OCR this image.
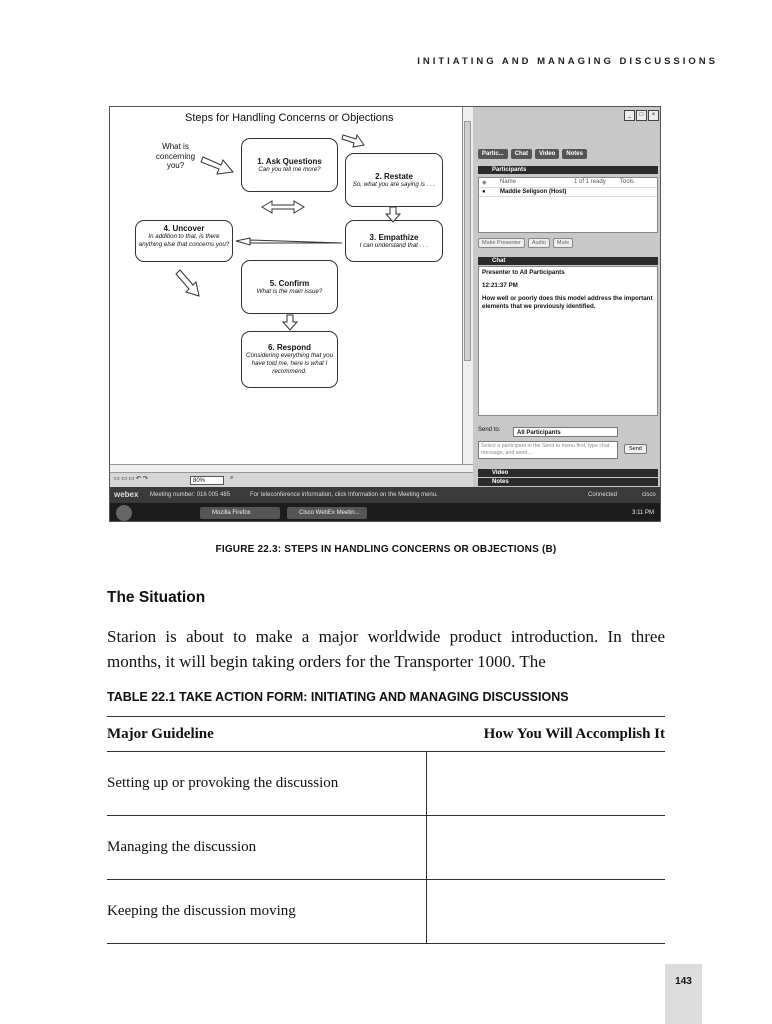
INITIATING AND MANAGING DISCUSSIONS
Steps for Handling Concerns or Objections
What is concerning you?	1. Ask Questions
Can you tell me more?
2. Restate
So, what you are saying is . . .
3. Empathize
I can understand that . . .
4. Uncover
In addition to that, is there anything else that concerns you?
5. Confirm
What is the main issue?
6. Respond
Considering everything that you have told me, here is what I recommend.
_	□	×
Partic...	Chat	Video	Notes
Participants
◈	Name	1 of 1 ready	Tools
●	Maddie Seligson (Host)
Make Presenter	Audio	Mute
Chat

Presenter to All Participants

12:21:37 PM

How well or poorly does this model address the important elements that we previously identified.

Send to:	All Participants
Select a participant in the Send to menu first, type chat message, and send....
Send
Video
Notes
▭ ▭ ▭ ↶ ↷	80%	⌕
webex Meeting number: 016 005 485	For teleconference information, click Information on the Meeting menu.	Connected	cisco
Mozilla Firefox	Cisco WebEx Meetin...	3:11 PM
FIGURE 22.3: STEPS IN HANDLING CONCERNS OR OBJECTIONS (B)
The Situation
Starion is about to make a major worldwide product introduction. In three months, it will begin taking orders for the Transporter 1000. The
TABLE 22.1 TAKE ACTION FORM: INITIATING AND MANAGING DISCUSSIONS
Major Guideline	How You Will Accomplish It
Setting up or provoking the discussion	
Managing the discussion	
Keeping the discussion moving	
143
